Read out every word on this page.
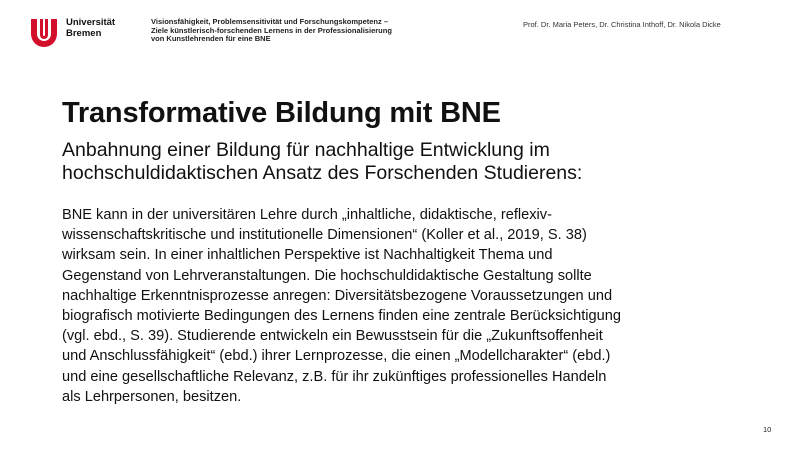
Universität
Bremen
Visionsfähigkeit, Problemsensitivität und Forschungskompetenz –
Ziele künstlerisch-forschenden Lernens in der Professionalisierung
von Kunstlehrenden für eine BNE
Prof. Dr. Maria Peters, Dr. Christina Inthoff, Dr. Nikola Dicke
Transformative Bildung mit BNE
Anbahnung einer Bildung für nachhaltige Entwicklung im hochschuldidaktischen Ansatz des Forschenden Studierens:
BNE kann in der universitären Lehre durch „inhaltliche, didaktische, reflexiv-
wissenschaftskritische und institutionelle Dimensionen“ (Koller et al., 2019, S. 38)
wirksam sein. In einer inhaltlichen Perspektive ist Nachhaltigkeit Thema und
Gegenstand von Lehrveranstaltungen. Die hochschuldidaktische Gestaltung sollte
nachhaltige Erkenntnisprozesse anregen: Diversitätsbezogene Voraussetzungen und
biografisch motivierte Bedingungen des Lernens finden eine zentrale Berücksichtigung
(vgl. ebd., S. 39). Studierende entwickeln ein Bewusstsein für die „Zukunftsoffenheit
und Anschlussfähigkeit“ (ebd.) ihrer Lernprozesse, die einen „Modellcharakter“ (ebd.)
und eine gesellschaftliche Relevanz, z.B. für ihr zukünftiges professionelles Handeln
als Lehrpersonen, besitzen.
10
